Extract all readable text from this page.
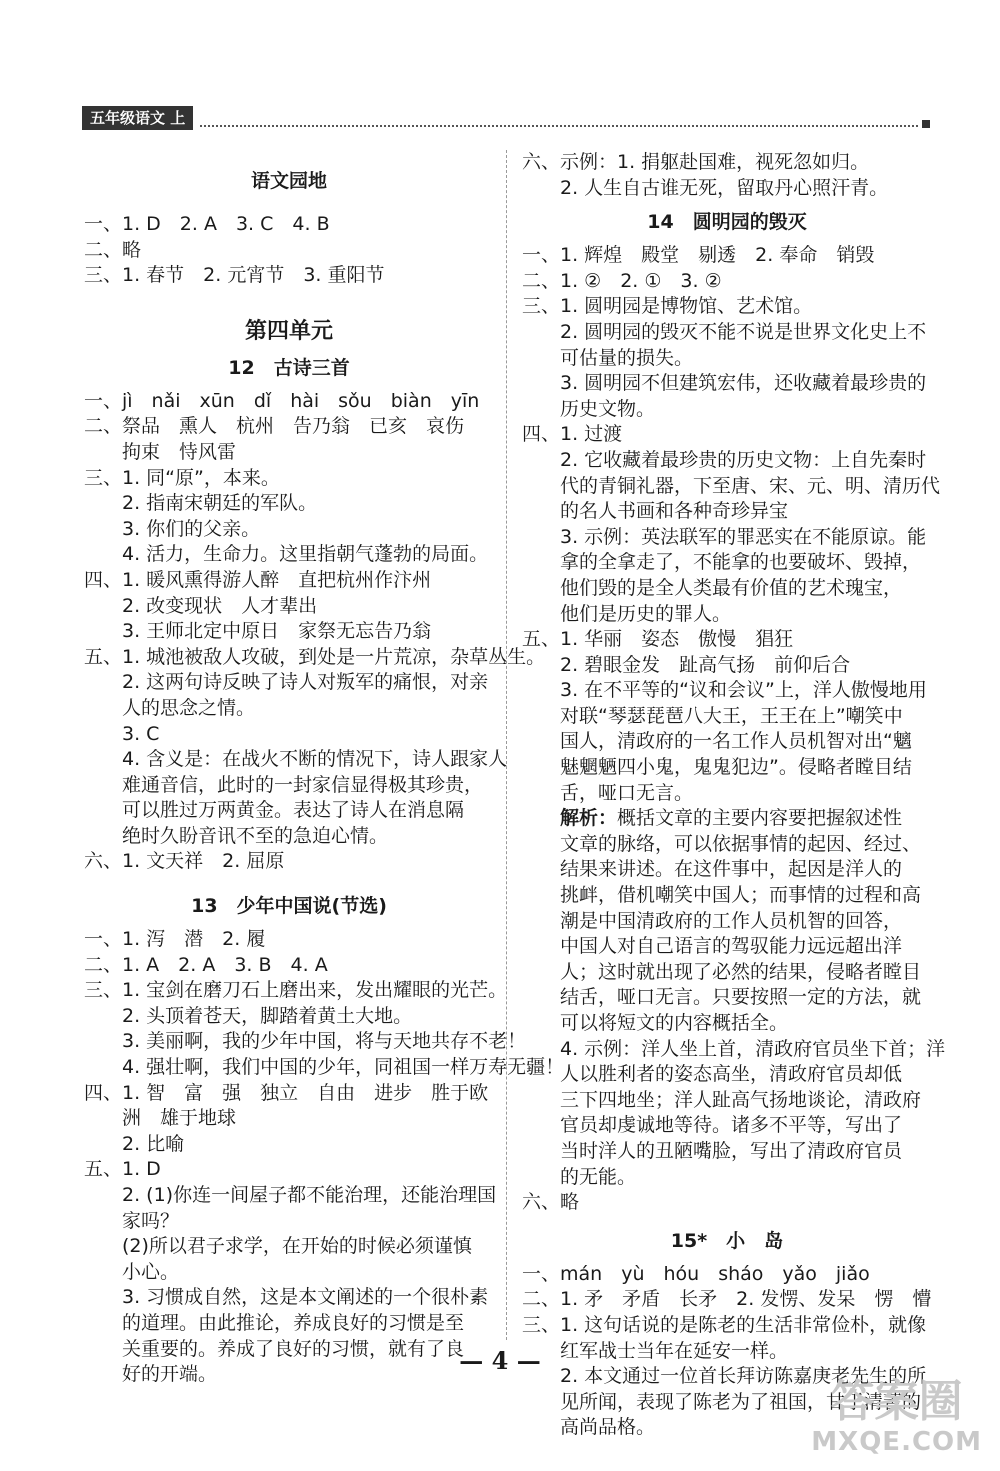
五年级语文 上
语文园地
一、1. D　2. A　3. C　4. B
二、略
三、1. 春节　2. 元宵节　3. 重阳节
第四单元
12　古诗三首
一、jì　nǎi　xūn　dǐ　hài　sǒu　biàn　yīn
二、祭品　熏人　杭州　告乃翁　已亥　哀伤
拘束　恃风雷
三、1. 同“原”，本来。
2. 指南宋朝廷的军队。
3. 你们的父亲。
4. 活力，生命力。这里指朝气蓬勃的局面。
四、1. 暖风熏得游人醉　直把杭州作汴州
2. 改变现状　人才辈出
3. 王师北定中原日　家祭无忘告乃翁
五、1. 城池被敌人攻破，到处是一片荒凉，杂草丛生。
2. 这两句诗反映了诗人对叛军的痛恨，对亲
人的思念之情。
3. C
4. 含义是：在战火不断的情况下，诗人跟家人
难通音信，此时的一封家信显得极其珍贵，
可以胜过万两黄金。表达了诗人在消息隔
绝时久盼音讯不至的急迫心情。
六、1. 文天祥　2. 屈原
13　少年中国说(节选)
一、1. 泻　潜　2. 履
二、1. A　2. A　3. B　4. A
三、1. 宝剑在磨刀石上磨出来，发出耀眼的光芒。
2. 头顶着苍天，脚踏着黄土大地。
3. 美丽啊，我的少年中国，将与天地共存不老！
4. 强壮啊，我们中国的少年，同祖国一样万寿无疆！
四、1. 智　富　强　独立　自由　进步　胜于欧
洲　雄于地球
2. 比喻
五、1. D
2. (1)你连一间屋子都不能治理，还能治理国
家吗？
(2)所以君子求学，在开始的时候必须谨慎
小心。
3. 习惯成自然，这是本文阐述的一个很朴素
的道理。由此推论，养成良好的习惯是至
关重要的。养成了良好的习惯，就有了良
好的开端。
六、示例：1. 捐躯赴国难，视死忽如归。
2. 人生自古谁无死，留取丹心照汗青。
14　圆明园的毁灭
一、1. 辉煌　殿堂　剔透　2. 奉命　销毁
二、1. ②　2. ①　3. ②
三、1. 圆明园是博物馆、艺术馆。
2. 圆明园的毁灭不能不说是世界文化史上不
可估量的损失。
3. 圆明园不但建筑宏伟，还收藏着最珍贵的
历史文物。
四、1. 过渡
2. 它收藏着最珍贵的历史文物：上自先秦时
代的青铜礼器，下至唐、宋、元、明、清历代
的名人书画和各种奇珍异宝
3. 示例：英法联军的罪恶实在不能原谅。能
拿的全拿走了，不能拿的也要破坏、毁掉，
他们毁的是全人类最有价值的艺术瑰宝，
他们是历史的罪人。
五、1. 华丽　姿态　傲慢　猖狂
2. 碧眼金发　趾高气扬　前仰后合
3. 在不平等的“议和会议”上，洋人傲慢地用
对联“琴瑟琵琶八大王，王王在上”嘲笑中
国人，清政府的一名工作人员机智对出“魑
魅魍魉四小鬼，鬼鬼犯边”。侵略者瞠目结
舌，哑口无言。
解析：概括文章的主要内容要把握叙述性
文章的脉络，可以依据事情的起因、经过、
结果来讲述。在这件事中，起因是洋人的
挑衅，借机嘲笑中国人；而事情的过程和高
潮是中国清政府的工作人员机智的回答，
中国人对自己语言的驾驭能力远远超出洋
人；这时就出现了必然的结果，侵略者瞠目
结舌，哑口无言。只要按照一定的方法，就
可以将短文的内容概括全。
4. 示例：洋人坐上首，清政府官员坐下首；洋
人以胜利者的姿态高坐，清政府官员却低
三下四地坐；洋人趾高气扬地谈论，清政府
官员却虔诚地等待。诸多不平等，写出了
当时洋人的丑陋嘴脸，写出了清政府官员
的无能。
六、略
15*　小　岛
一、mán　yù　hóu　sháo　yǎo　jiǎo
二、1. 矛　矛盾　长矛　2. 发愣、发呆　愣　懵
三、1. 这句话说的是陈老的生活非常俭朴，就像
红军战士当年在延安一样。
2. 本文通过一位首长拜访陈嘉庚老先生的所
见所闻，表现了陈老为了祖国，甘于清苦的
高尚品格。
— 4 —
答案圈
MXQE.COM
